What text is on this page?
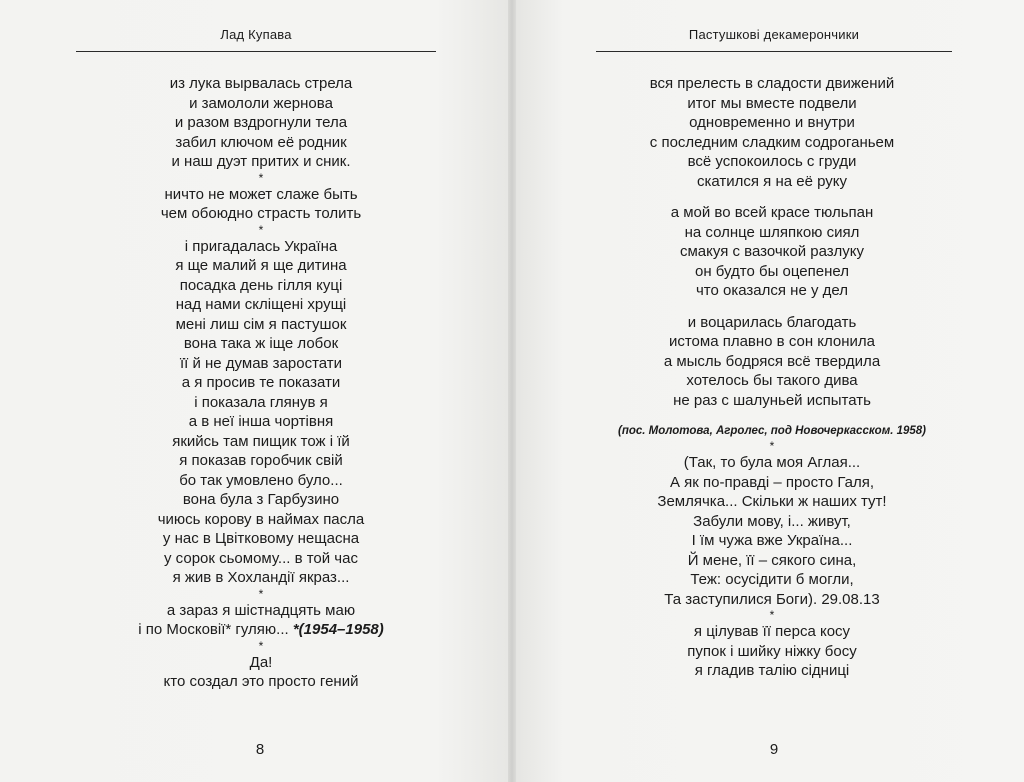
Лад Купава
из лука вырвалась стрела
и замололи жернова
и разом вздрогнули тела
забил ключом её родник
и наш дуэт притих и сник.
*
ничто не может слаже быть
чем обоюдно страсть толить
*
і пригадалась Україна
я ще малий я ще дитина
посадка день гілля куці
над нами скліщені хрущі
мені лиш сім я пастушок
вона така ж іще лобок
її й не думав заростати
а я просив те показати
і показала глянув я
а в неї інша чортівня
якийсь там пищик тож і їй
я показав горобчик свій
бо так умовлено було...
вона була з Гарбузино
чиюсь корову в наймах пасла
у нас в Цвітковому нещасна
у сорок сьомому... в той час
я жив в Хохландії якраз...
*
а зараз я шістнадцять маю
і по Московії* гуляю... *(1954–1958)
*
Да!
кто создал это просто гений
8
Пастушкові декамерончики
вся прелесть в сладости движений
итог мы вместе подвели
одновременно и внутри
с последним сладким содроганьем
всё успокоилось с груди
скатился я на её руку
а мой во всей красе тюльпан
на солнце шляпкою сиял
смакуя с вазочкой разлуку
он будто бы оцепенел
что оказался не у дел
и воцарилась благодать
истома плавно в сон клонила
а мысль бодряся всё твердила
хотелось бы такого дива
не раз с шалуньей испытать
(пос. Молотова, Агролес, под Новочеркасском. 1958)
*
(Так, то була моя Аглая...
А як по-правді – просто Галя,
Землячка... Скільки ж наших тут!
Забули мову, і... живут,
І їм чужа вже Україна...
Й мене, її – сякого сина,
Теж: осусідити б могли,
Та заступилися Боги). 29.08.13
*
я цілував її перса косу
пупок і шийку ніжку босу
я гладив талію сідниці
9
